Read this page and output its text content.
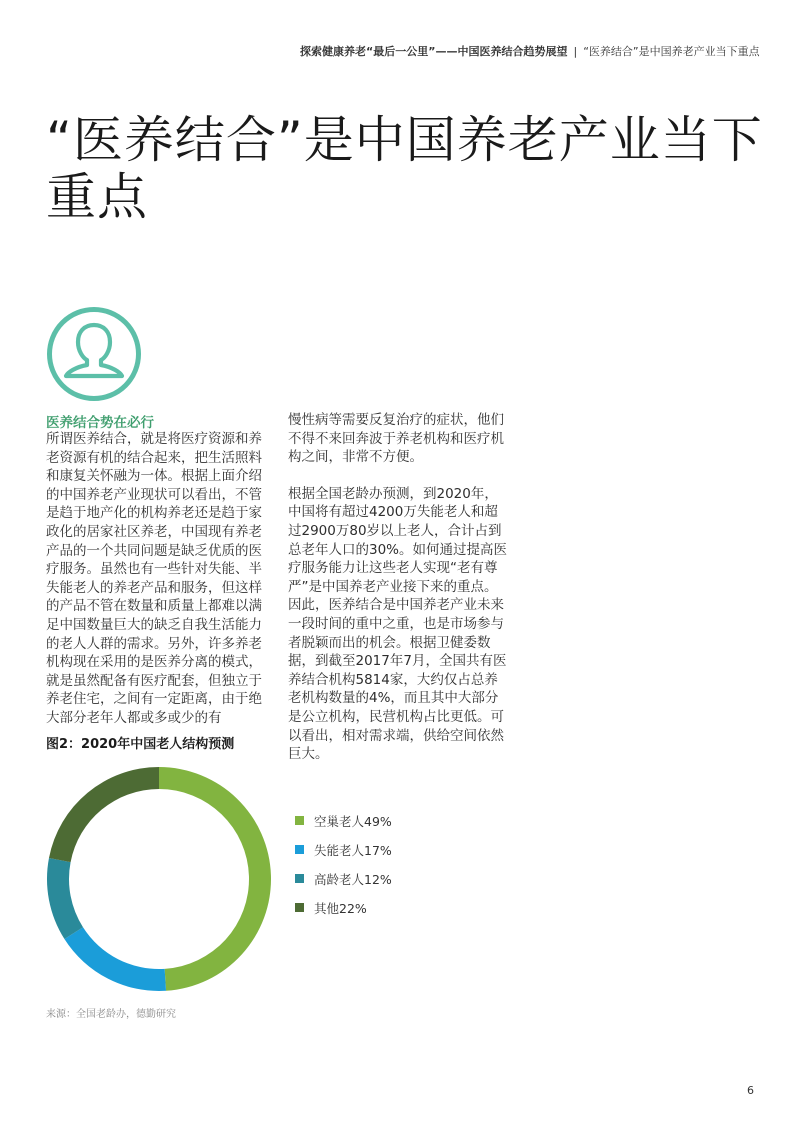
探索健康养老“最后一公里”——中国医养结合趋势展望 | “医养结合”是中国养老产业当下重点
“医养结合”是中国养老产业当下重点
医养结合势在必行

所谓医养结合，就是将医疗资源和养老资源有机的结合起来，把生活照料和康复关怀融为一体。根据上面介绍的中国养老产业现状可以看出，不管是趋于地产化的机构养老还是趋于家政化的居家社区养老，中国现有养老产品的一个共同问题是缺乏优质的医疗服务。虽然也有一些针对失能、半失能老人的养老产品和服务，但这样的产品不管在数量和质量上都难以满足中国数量巨大的缺乏自我生活能力的老人人群的需求。另外，许多养老机构现在采用的是医养分离的模式，就是虽然配备有医疗配套，但独立于养老住宅，之间有一定距离，由于绝大部分老年人都或多或少的有

慢性病等需要反复治疗的症状，他们不得不来回奔波于养老机构和医疗机构之间，非常不方便。

根据全国老龄办预测，到2020年，中国将有超过4200万失能老人和超过2900万80岁以上老人，合计占到总老年人口的30%。如何通过提高医疗服务能力让这些老人实现“老有尊严”是中国养老产业接下来的重点。因此，医养结合是中国养老产业未来一段时间的重中之重，也是市场参与者脱颖而出的机会。根据卫健委数据，到截至2017年7月，全国共有医养结合机构5814家，大约仅占总养老机构数量的4%，而且其中大部分是公立机构，民营机构占比更低。可以看出，相对需求端，供给空间依然巨大。

图2：2020年中国老人结构预测
空巢老人49%
失能老人17%
高龄老人12%
其他22%
来源：全国老龄办，德勤研究
6
